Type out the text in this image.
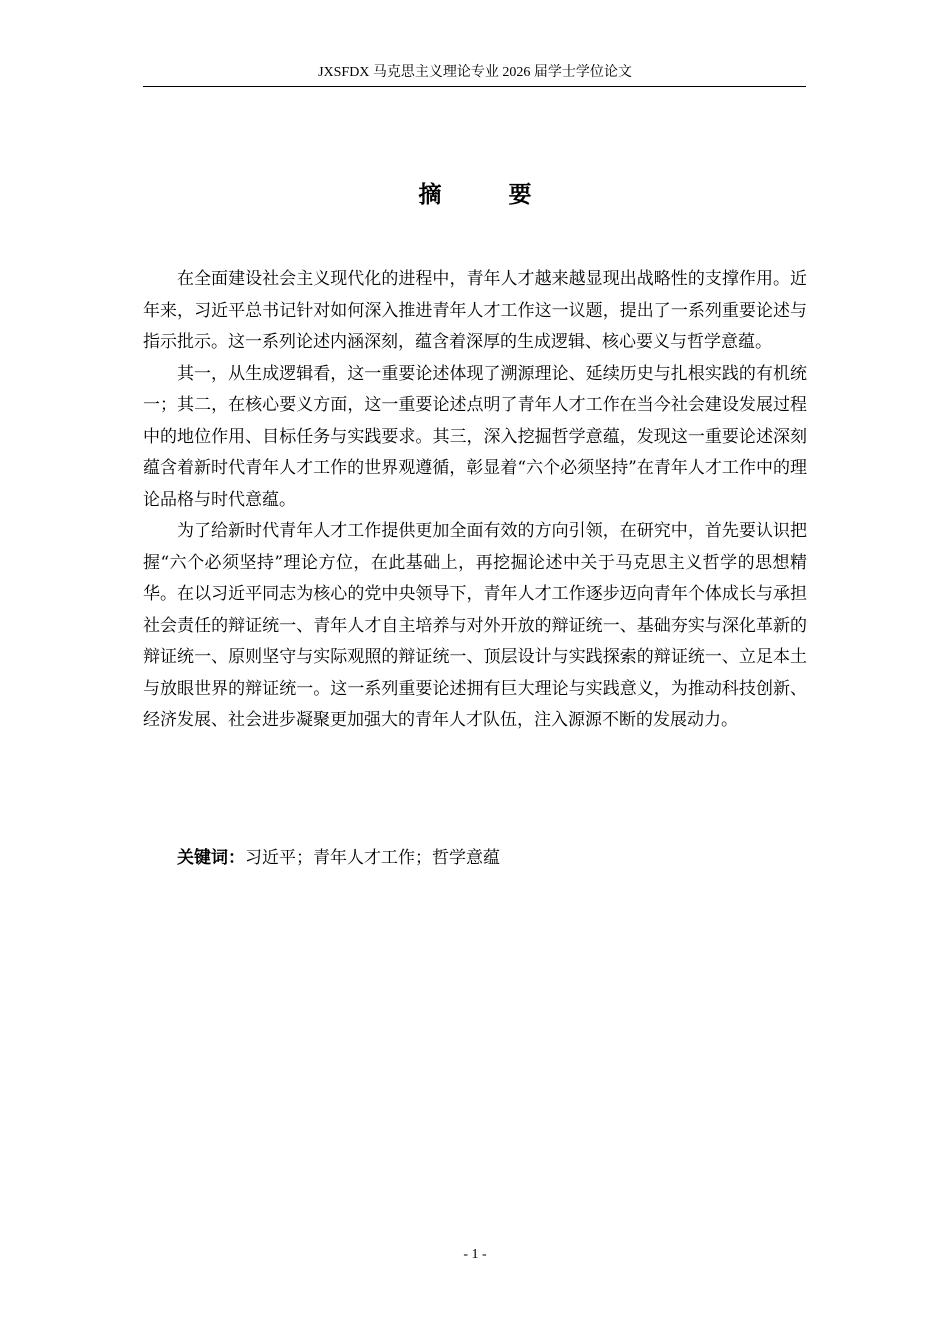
JXSFDX 马克思主义理论专业 2026 届学士学位论文
摘　要

在全面建设社会主义现代化的进程中，青年人才越来越显现出战略性的支撑作用。近年来，习近平总书记针对如何深入推进青年人才工作这一议题，提出了一系列重要论述与指示批示。这一系列论述内涵深刻，蕴含着深厚的生成逻辑、核心要义与哲学意蕴。

其一，从生成逻辑看，这一重要论述体现了溯源理论、延续历史与扎根实践的有机统一；其二，在核心要义方面，这一重要论述点明了青年人才工作在当今社会建设发展过程中的地位作用、目标任务与实践要求。其三，深入挖掘哲学意蕴，发现这一重要论述深刻蕴含着新时代青年人才工作的世界观遵循，彰显着“六个必须坚持”在青年人才工作中的理论品格与时代意蕴。

为了给新时代青年人才工作提供更加全面有效的方向引领，在研究中，首先要认识把握“六个必须坚持”理论方位，在此基础上，再挖掘论述中关于马克思主义哲学的思想精华。在以习近平同志为核心的党中央领导下，青年人才工作逐步迈向青年个体成长与承担社会责任的辩证统一、青年人才自主培养与对外开放的辩证统一、基础夯实与深化革新的辩证统一、原则坚守与实际观照的辩证统一、顶层设计与实践探索的辩证统一、立足本土与放眼世界的辩证统一。这一系列重要论述拥有巨大理论与实践意义，为推动科技创新、经济发展、社会进步凝聚更加强大的青年人才队伍，注入源源不断的发展动力。

关键词：习近平；青年人才工作；哲学意蕴
- 1 -
